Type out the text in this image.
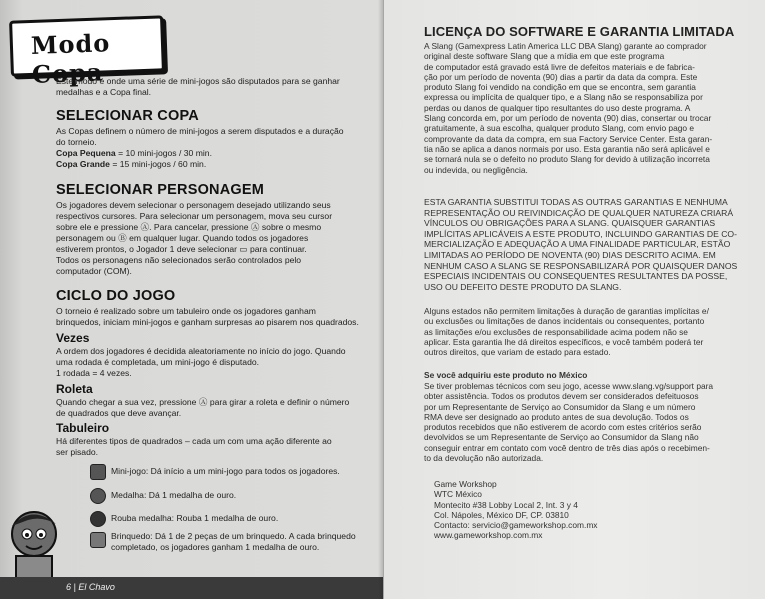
Modo Copa
Este modo é onde uma série de mini-jogos são disputados para se ganhar
medalhas e a Copa final.
SELECIONAR COPA
As Copas definem o número de mini-jogos a serem disputados e a duração
do torneio.
Copa Pequena = 10 mini-jogos / 30 min.
Copa Grande = 15 mini-jogos / 60 min.
SELECIONAR PERSONAGEM
Os jogadores devem selecionar o personagem desejado utilizando seus
respectivos cursores. Para selecionar um personagem, mova seu cursor
sobre ele e pressione Ⓐ. Para cancelar, pressione Ⓐ sobre o mesmo
personagem ou Ⓑ em qualquer lugar. Quando todos os jogadores
estiverem prontos, o Jogador 1 deve selecionar ▭ para continuar.
Todos os personagens não selecionados serão controlados pelo
computador (COM).
CICLO DO JOGO
O torneio é realizado sobre um tabuleiro onde os jogadores ganham
brinquedos, iniciam mini-jogos e ganham surpresas ao pisarem nos quadrados.
Vezes
A ordem dos jogadores é decidida aleatoriamente no início do jogo. Quando
uma rodada é completada, um mini-jogo é disputado.
1 rodada = 4 vezes.
Roleta
Quando chegar a sua vez, pressione Ⓐ para girar a roleta e definir o número
de quadrados que deve avançar.
Tabuleiro
Há diferentes tipos de quadrados – cada um com uma ação diferente ao
ser pisado.
Mini-jogo: Dá início a um mini-jogo para todos os jogadores.
Medalha: Dá 1 medalha de ouro.
Rouba medalha: Rouba 1 medalha de ouro.
Brinquedo: Dá 1 de 2 peças de um brinquedo. A cada brinquedo
completado, os jogadores ganham 1 medalha de ouro.
6 | El Chavo
LICENÇA DO SOFTWARE E GARANTIA LIMITADA
A Slang (Gamexpress Latin America LLC DBA Slang) garante ao comprador
original deste software Slang que a mídia em que este programa
de computador está gravado está livre de defeitos materiais e de fabrica-
ção por um período de noventa (90) dias a partir da data da compra. Este
produto Slang foi vendido na condição em que se encontra, sem garantia
expressa ou implícita de qualquer tipo, e a Slang não se responsabiliza por
perdas ou danos de qualquer tipo resultantes do uso deste programa. A
Slang concorda em, por um período de noventa (90) dias, consertar ou trocar
gratuitamente, à sua escolha, qualquer produto Slang, com envio pago e
comprovante da data da compra, em sua Factory Service Center. Esta garan-
tia não se aplica a danos normais por uso. Esta garantia não será aplicável e
se tornará nula se o defeito no produto Slang for devido à utilização incorreta
ou indevida, ou negligência.
ESTA GARANTIA SUBSTITUI TODAS AS OUTRAS GARANTIAS E NENHUMA
REPRESENTAÇÃO OU REIVINDICAÇÃO DE QUALQUER NATUREZA CRIARÁ
VÍNCULOS OU OBRIGAÇÕES PARA A SLANG. QUAISQUER GARANTIAS
IMPLÍCITAS APLICÁVEIS A ESTE PRODUTO, INCLUINDO GARANTIAS DE CO-
MERCIALIZAÇÃO E ADEQUAÇÃO A UMA FINALIDADE PARTICULAR, ESTÃO
LIMITADAS AO PERÍODO DE NOVENTA (90) DIAS DESCRITO ACIMA. EM
NENHUM CASO A SLANG SE RESPONSABILIZARÁ POR QUAISQUER DANOS
ESPECIAIS INCIDENTAIS OU CONSEQUENTES RESULTANTES DA POSSE,
USO OU DEFEITO DESTE PRODUTO DA SLANG.
Alguns estados não permitem limitações à duração de garantias implícitas e/
ou exclusões ou limitações de danos incidentais ou consequentes, portanto
as limitações e/ou exclusões de responsabilidade acima podem não se
aplicar. Esta garantia lhe dá direitos específicos, e você também poderá ter
outros direitos, que variam de estado para estado.
Se você adquiriu este produto no México
Se tiver problemas técnicos com seu jogo, acesse www.slang.vg/support para
obter assistência. Todos os produtos devem ser considerados defeituosos
por um Representante de Serviço ao Consumidor da Slang e um número
RMA deve ser designado ao produto antes de sua devolução. Todos os
produtos recebidos que não estiverem de acordo com estes critérios serão
devolvidos se um Representante de Serviço ao Consumidor da Slang não
conseguir entrar em contato com você dentro de três dias após o recebimen-
to da devolução não autorizada.
Game Workshop
WTC México
Montecito #38 Lobby Local 2, Int. 3 y 4
Col. Nápoles, México DF, CP. 03810
Contacto: servicio@gameworkshop.com.mx
www.gameworkshop.com.mx
